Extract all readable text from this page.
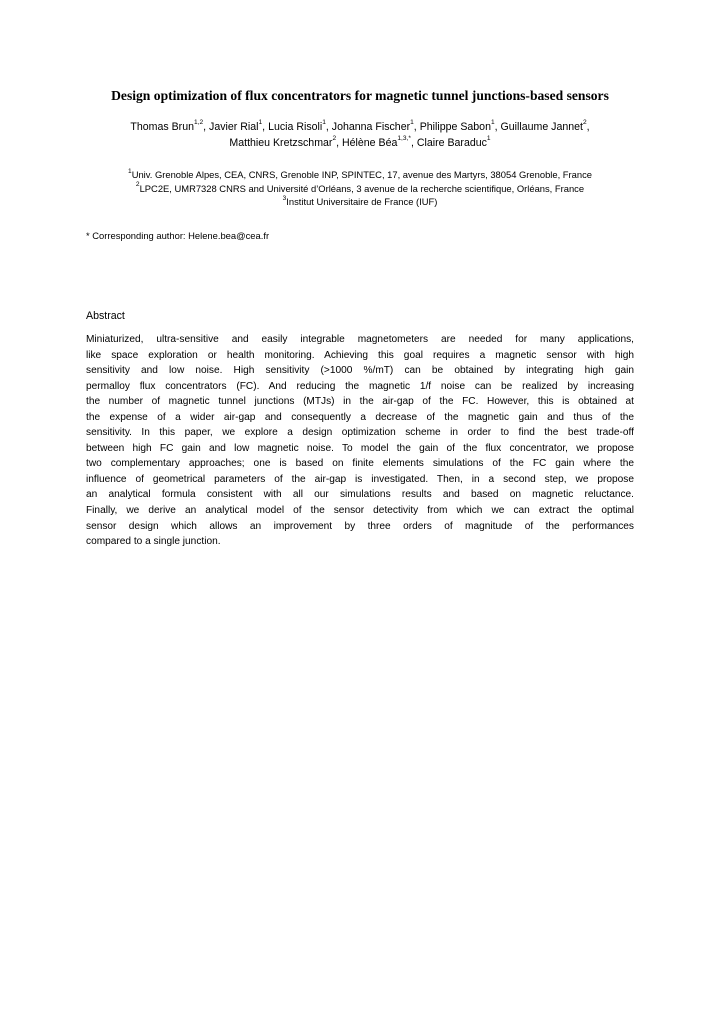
Design optimization of flux concentrators for magnetic tunnel junctions-based sensors
Thomas Brun$^{1,2}$, Javier Rial$^1$, Lucia Risoli$^1$, Johanna Fischer$^1$, Philippe Sabon$^1$, Guillaume Jannet$^2$,
Matthieu Kretzschmar$^2$, Hélène Béa$^{1,3,*}$, Claire Baraduc$^1$
$^1$Univ. Grenoble Alpes, CEA, CNRS, Grenoble INP, SPINTEC, 17, avenue des Martyrs, 38054 Grenoble, France
$^2$LPC2E, UMR7328 CNRS and Université d’Orléans, 3 avenue de la recherche scientifique, Orléans, France
$^3$Institut Universitaire de France (IUF)
* Corresponding author: Helene.bea@cea.fr
Abstract
Miniaturized, ultra-sensitive and easily integrable magnetometers are needed for many applications,
like space exploration or health monitoring. Achieving this goal requires a magnetic sensor with high
sensitivity and low noise. High sensitivity (>1000 %/mT) can be obtained by integrating high gain
permalloy flux concentrators (FC). And reducing the magnetic 1/f noise can be realized by increasing
the number of magnetic tunnel junctions (MTJs) in the air-gap of the FC. However, this is obtained at
the expense of a wider air-gap and consequently a decrease of the magnetic gain and thus of the
sensitivity. In this paper, we explore a design optimization scheme in order to find the best trade-off
between high FC gain and low magnetic noise. To model the gain of the flux concentrator, we propose
two complementary approaches; one is based on finite elements simulations of the FC gain where the
influence of geometrical parameters of the air-gap is investigated. Then, in a second step, we propose
an analytical formula consistent with all our simulations results and based on magnetic reluctance.
Finally, we derive an analytical model of the sensor detectivity from which we can extract the optimal
sensor design which allows an improvement by three orders of magnitude of the performances
compared to a single junction.
